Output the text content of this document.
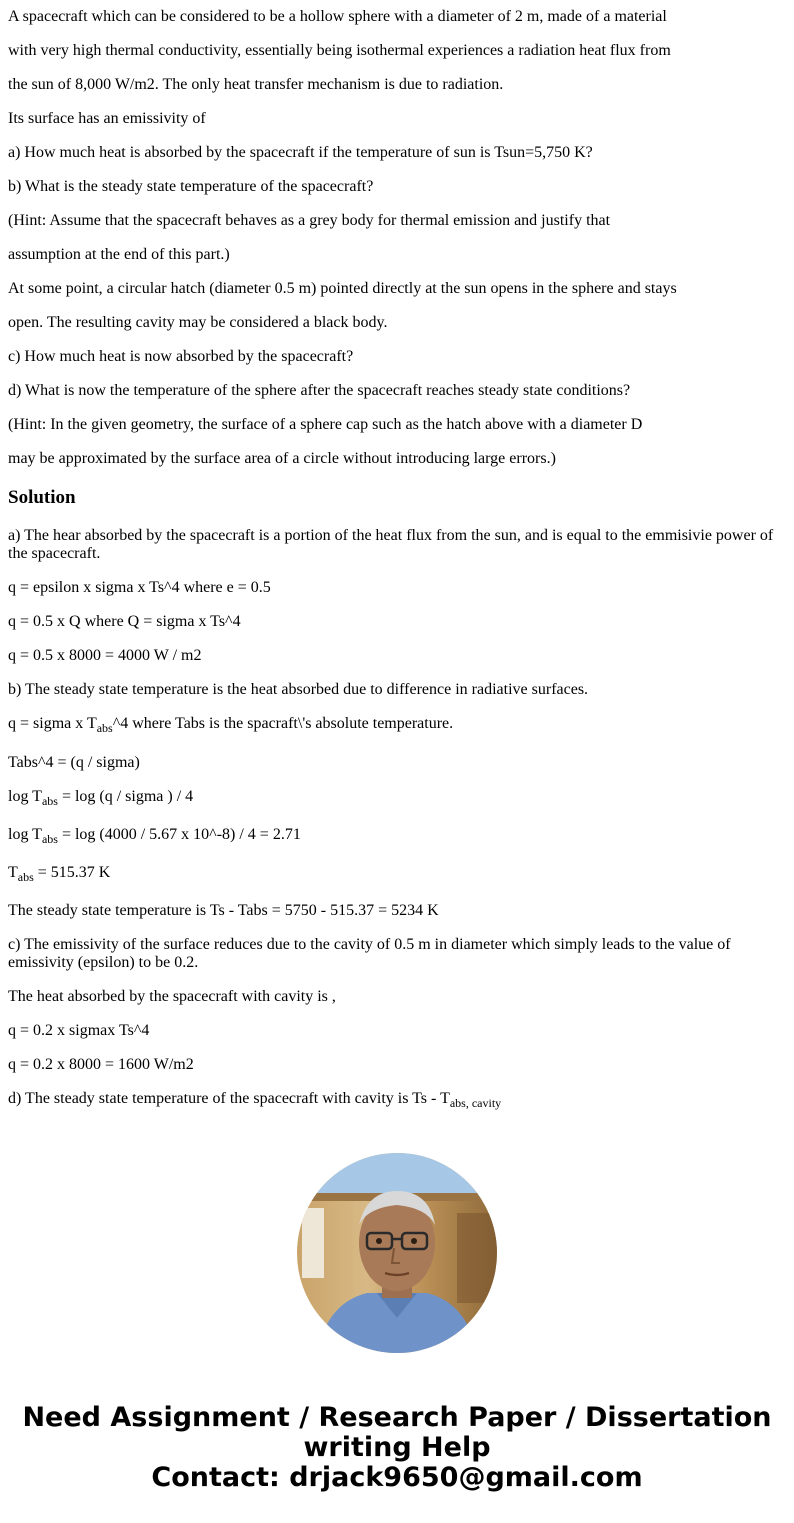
A spacecraft which can be considered to be a hollow sphere with a diameter of 2 m, made of a material
with very high thermal conductivity, essentially being isothermal experiences a radiation heat flux from
the sun of 8,000 W/m2. The only heat transfer mechanism is due to radiation.
Its surface has an emissivity of
a) How much heat is absorbed by the spacecraft if the temperature of sun is Tsun=5,750 K?
b) What is the steady state temperature of the spacecraft?
(Hint: Assume that the spacecraft behaves as a grey body for thermal emission and justify that
assumption at the end of this part.)
At some point, a circular hatch (diameter 0.5 m) pointed directly at the sun opens in the sphere and stays
open. The resulting cavity may be considered a black body.
c) How much heat is now absorbed by the spacecraft?
d) What is now the temperature of the sphere after the spacecraft reaches steady state conditions?
(Hint: In the given geometry, the surface of a sphere cap such as the hatch above with a diameter D
may be approximated by the surface area of a circle without introducing large errors.)
Solution
a) The hear absorbed by the spacecraft is a portion of the heat flux from the sun, and is equal to the emmisivie power of the spacecraft.
q = epsilon x sigma x Ts^4 where e = 0.5
q = 0.5 x Q where Q = sigma x Ts^4
q = 0.5 x 8000 = 4000 W / m2
b) The steady state temperature is the heat absorbed due to difference in radiative surfaces.
q = sigma x $T_{abs}\^{}4$ where Tabs is the spacraft\'s absolute temperature.
Tabs^4 = (q / sigma)
$\log T_{abs} = \log (q$ / sigma ) / 4
$\log T_{abs} = \log (4000 / 5.67$ x 10^-8) / 4 = 2.71
$T_{abs} = 515.37$ K
The steady state temperature is Ts - Tabs = 5750 - 515.37 = 5234 K
c) The emissivity of the surface reduces due to the cavity of 0.5 m in diameter which simply leads to the value of emissivity (epsilon) to be 0.2.
The heat absorbed by the spacecraft with cavity is ,
q = 0.2 x sigmax Ts^4
q = 0.2 x 8000 = 1600 W/m2
d) The steady state temperature of the spacecraft with cavity is Ts - $T_{abs, cavity}$
Need Assignment / Research Paper / Dissertation
writing Help
Contact: drjack9650@gmail.com
